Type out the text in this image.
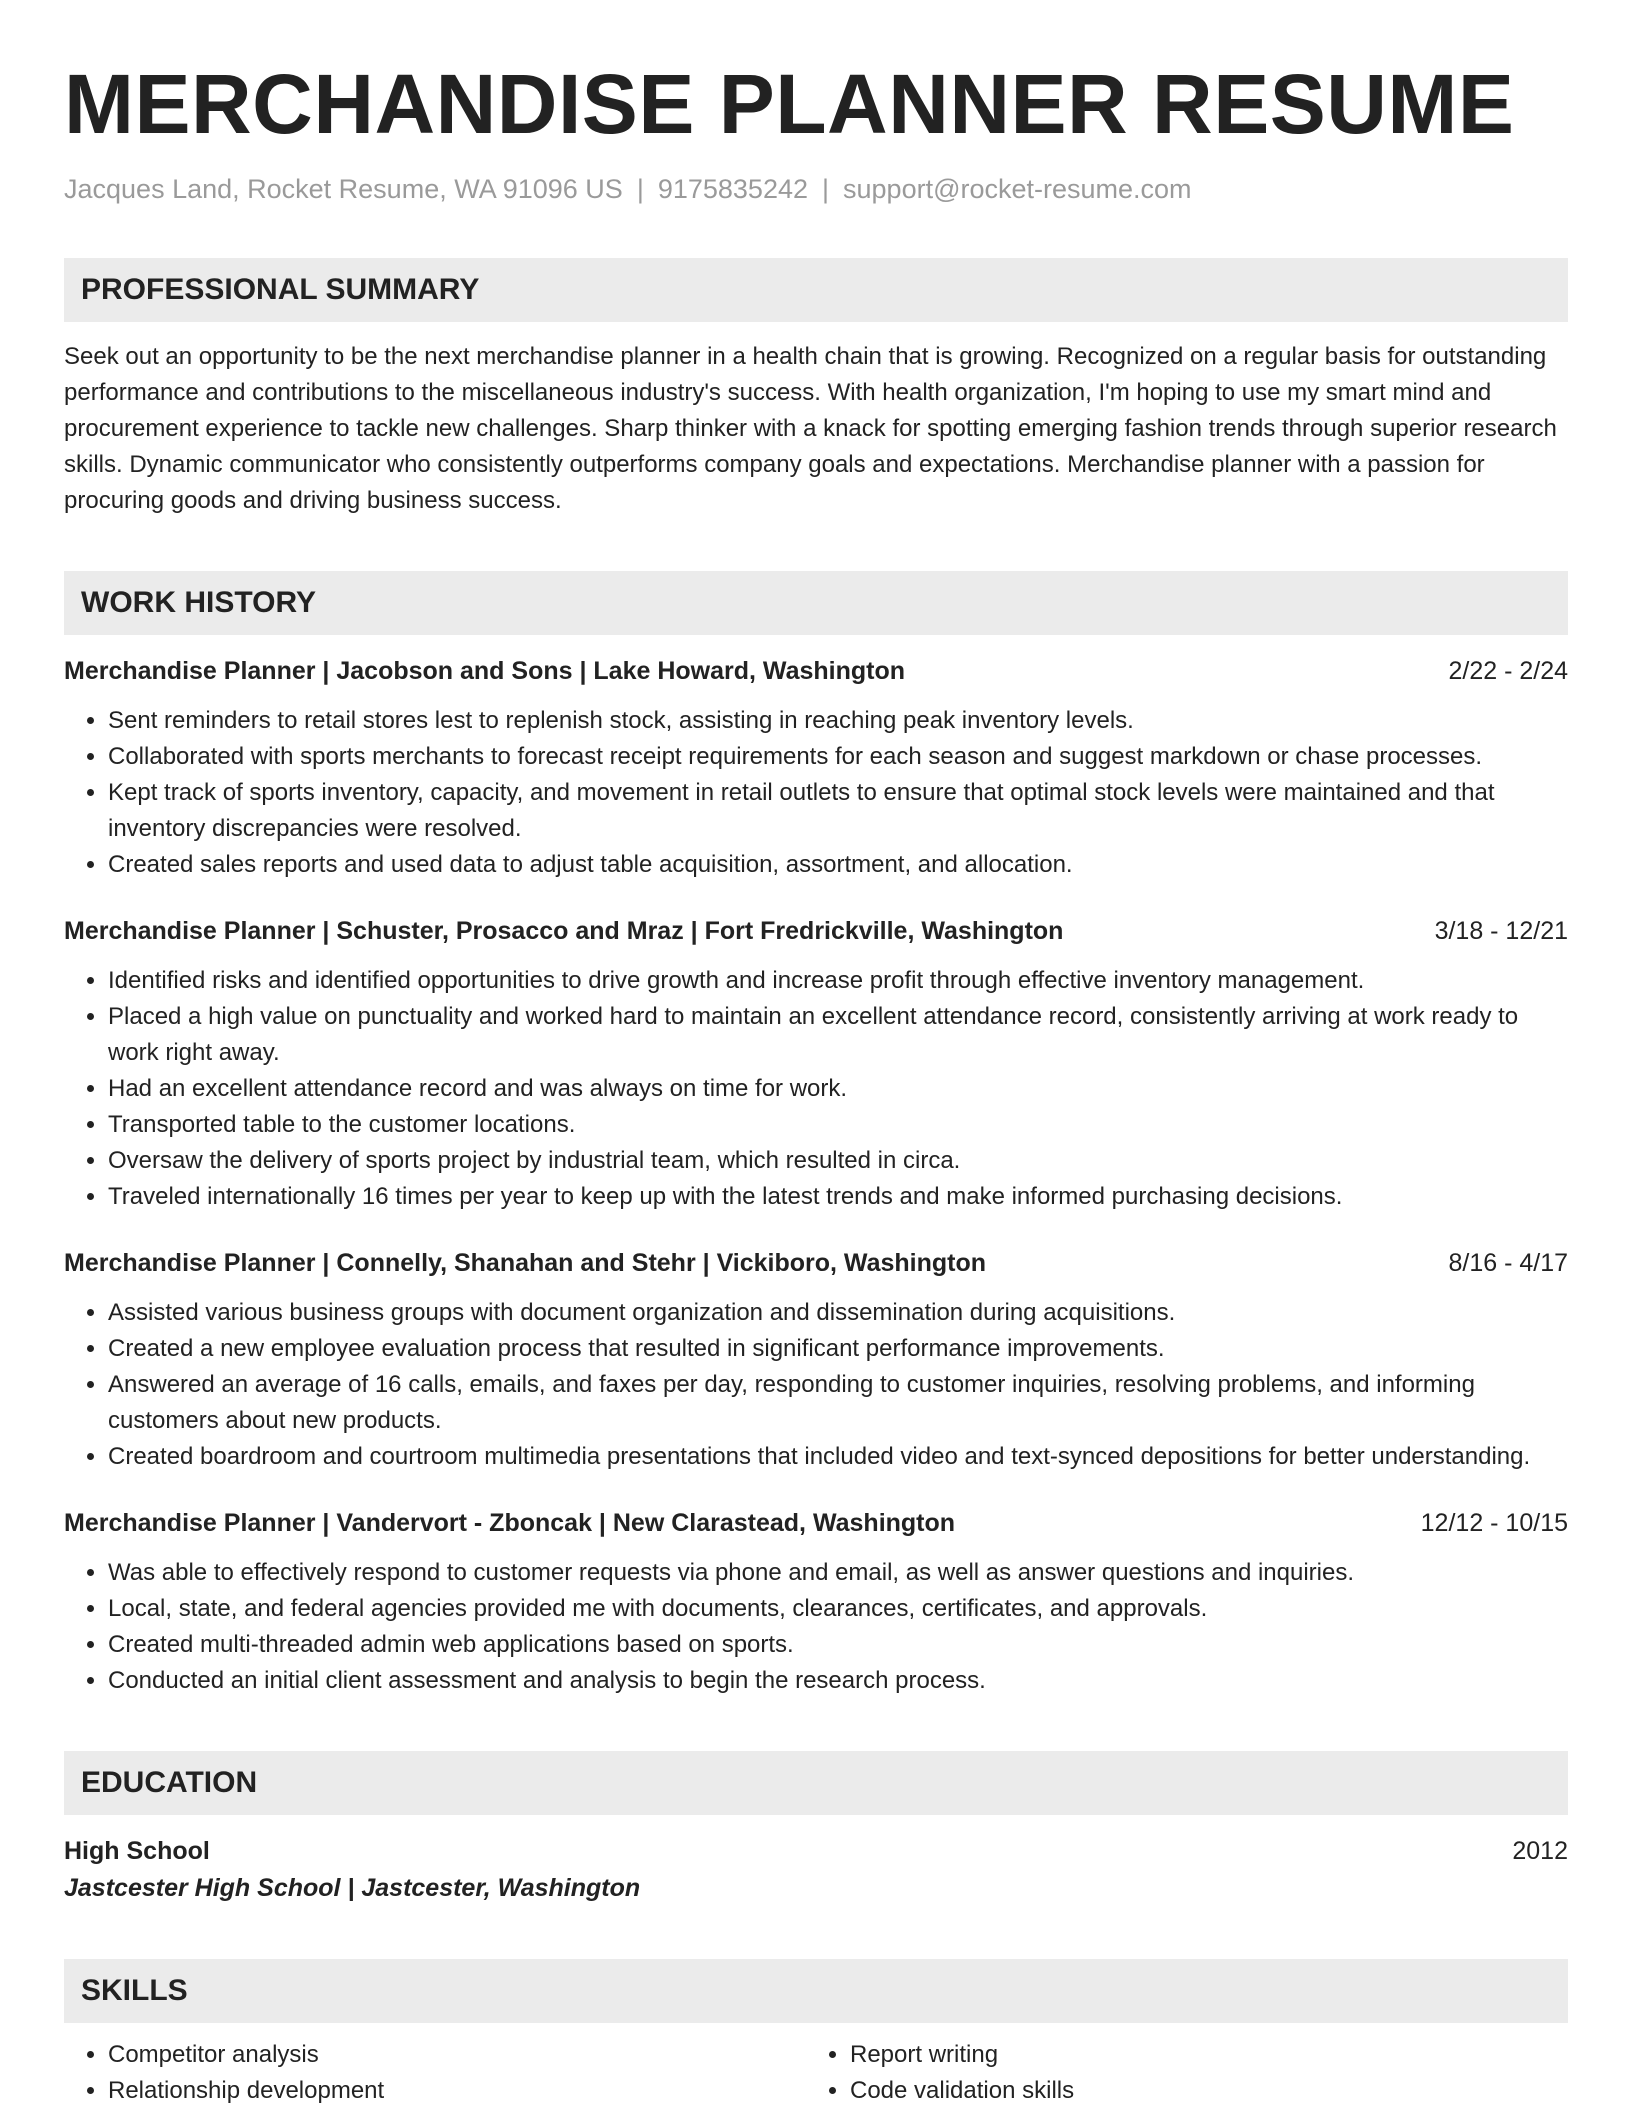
MERCHANDISE PLANNER RESUME
Jacques Land, Rocket Resume, WA 91096 US | 9175835242 | support@rocket-resume.com
PROFESSIONAL SUMMARY
Seek out an opportunity to be the next merchandise planner in a health chain that is growing. Recognized on a regular basis for outstanding performance and contributions to the miscellaneous industry's success. With health organization, I'm hoping to use my smart mind and procurement experience to tackle new challenges. Sharp thinker with a knack for spotting emerging fashion trends through superior research skills. Dynamic communicator who consistently outperforms company goals and expectations. Merchandise planner with a passion for procuring goods and driving business success.
WORK HISTORY
Merchandise Planner | Jacobson and Sons | Lake Howard, Washington	2/22 - 2/24
• Sent reminders to retail stores lest to replenish stock, assisting in reaching peak inventory levels.
• Collaborated with sports merchants to forecast receipt requirements for each season and suggest markdown or chase processes.
• Kept track of sports inventory, capacity, and movement in retail outlets to ensure that optimal stock levels were maintained and that inventory discrepancies were resolved.
• Created sales reports and used data to adjust table acquisition, assortment, and allocation.
Merchandise Planner | Schuster, Prosacco and Mraz | Fort Fredrickville, Washington	3/18 - 12/21
• Identified risks and identified opportunities to drive growth and increase profit through effective inventory management.
• Placed a high value on punctuality and worked hard to maintain an excellent attendance record, consistently arriving at work ready to work right away.
• Had an excellent attendance record and was always on time for work.
• Transported table to the customer locations.
• Oversaw the delivery of sports project by industrial team, which resulted in circa.
• Traveled internationally 16 times per year to keep up with the latest trends and make informed purchasing decisions.
Merchandise Planner | Connelly, Shanahan and Stehr | Vickiboro, Washington	8/16 - 4/17
• Assisted various business groups with document organization and dissemination during acquisitions.
• Created a new employee evaluation process that resulted in significant performance improvements.
• Answered an average of 16 calls, emails, and faxes per day, responding to customer inquiries, resolving problems, and informing customers about new products.
• Created boardroom and courtroom multimedia presentations that included video and text-synced depositions for better understanding.
Merchandise Planner | Vandervort - Zboncak | New Clarastead, Washington	12/12 - 10/15
• Was able to effectively respond to customer requests via phone and email, as well as answer questions and inquiries.
• Local, state, and federal agencies provided me with documents, clearances, certificates, and approvals.
• Created multi-threaded admin web applications based on sports.
• Conducted an initial client assessment and analysis to begin the research process.
EDUCATION
High School	2012
Jastcester High School | Jastcester, Washington
SKILLS
• Competitor analysis
• Relationship development
• Report writing
• Code validation skills
